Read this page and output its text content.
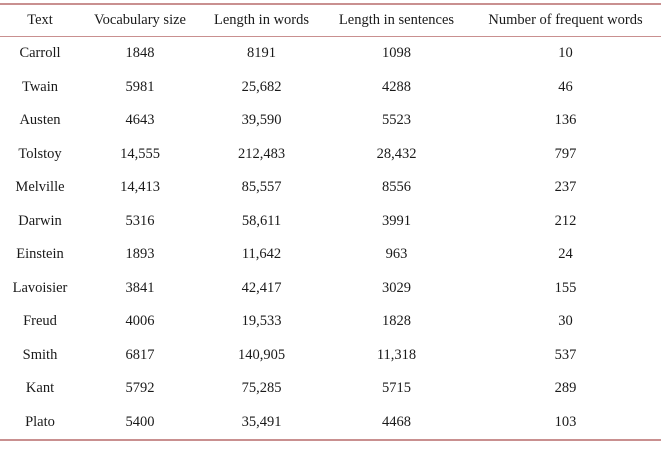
Text	Vocabulary size	Length in words	Length in sentences	Number of frequent words
Carroll	1848	8191	1098	10
Twain	5981	25,682	4288	46
Austen	4643	39,590	5523	136
Tolstoy	14,555	212,483	28,432	797
Melville	14,413	85,557	8556	237
Darwin	5316	58,611	3991	212
Einstein	1893	11,642	963	24
Lavoisier	3841	42,417	3029	155
Freud	4006	19,533	1828	30
Smith	6817	140,905	11,318	537
Kant	5792	75,285	5715	289
Plato	5400	35,491	4468	103
